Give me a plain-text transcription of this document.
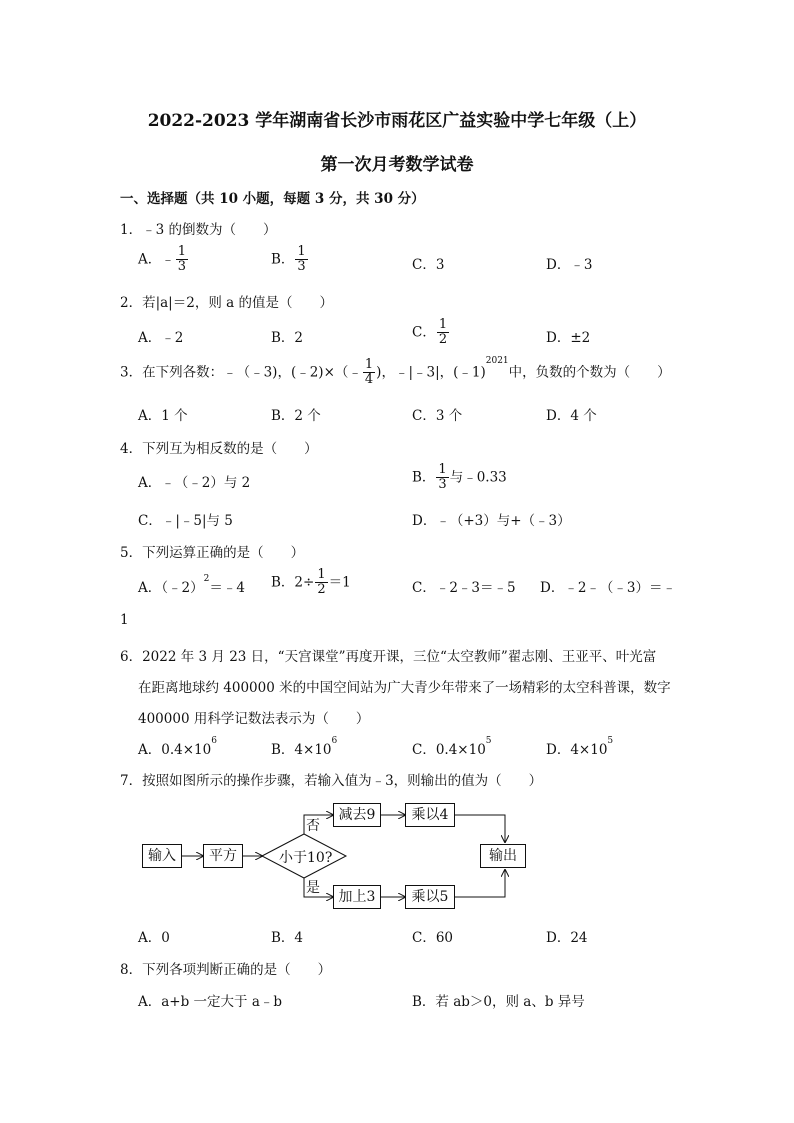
2022-2023 学年湖南省长沙市雨花区广益实验中学七年级（上）
第一次月考数学试卷
一、选择题（共 10 小题，每题 3 分，共 30 分）
1．﹣3 的倒数为（　　）
A．﹣ $\frac{1}{3}$	B． $\frac{1}{3}$	C．3	D．﹣3
2．若|a|＝2，则 a 的值是（　　）
A．﹣2	B．2	C． $\frac{1}{2}$	D．±2
3．在下列各数：﹣（﹣3)，(﹣2)×（﹣ $\frac{1}{4}$ )，﹣|﹣3|，(﹣1)$^{2021}$中，负数的个数为（　　）
A．1 个	B．2 个	C．3 个	D．4 个
4．下列互为相反数的是（　　）
A．﹣（﹣2）与 2	B． $\frac{1}{3}$ 与﹣0.33
C．﹣|﹣5|与 5	D．﹣（+3）与+（﹣3）
5．下列运算正确的是（　　）
A．（﹣2）$^2$＝﹣4 B．$2\div \frac{1}{2} =1$	C．﹣2﹣3＝﹣5 D．﹣2﹣（﹣3）＝﹣
1
6．2022 年 3 月 23 日，“天宫课堂”再度开课，三位“太空教师”翟志刚、王亚平、叶光富
在距离地球约 400000 米的中国空间站为广大青少年带来了一场精彩的太空科普课，数字
400000 用科学记数法表示为（　　）
A．$0.4\times 10^6$
B．$4\times 10^6$
C．$0.4\times 10^5$
D．$4\times 10^5$
7．按照如图所示的操作步骤，若输入值为﹣3，则输出的值为（　　）
输入	平方	小于10?
否
是
减去9	乘以4
加上3	乘以5
输出
A．0	B．4	C．60	D．24
8．下列各项判断正确的是（　　）
A．a+b 一定大于 a﹣b	B．若 ab＞0，则 a、b 异号
